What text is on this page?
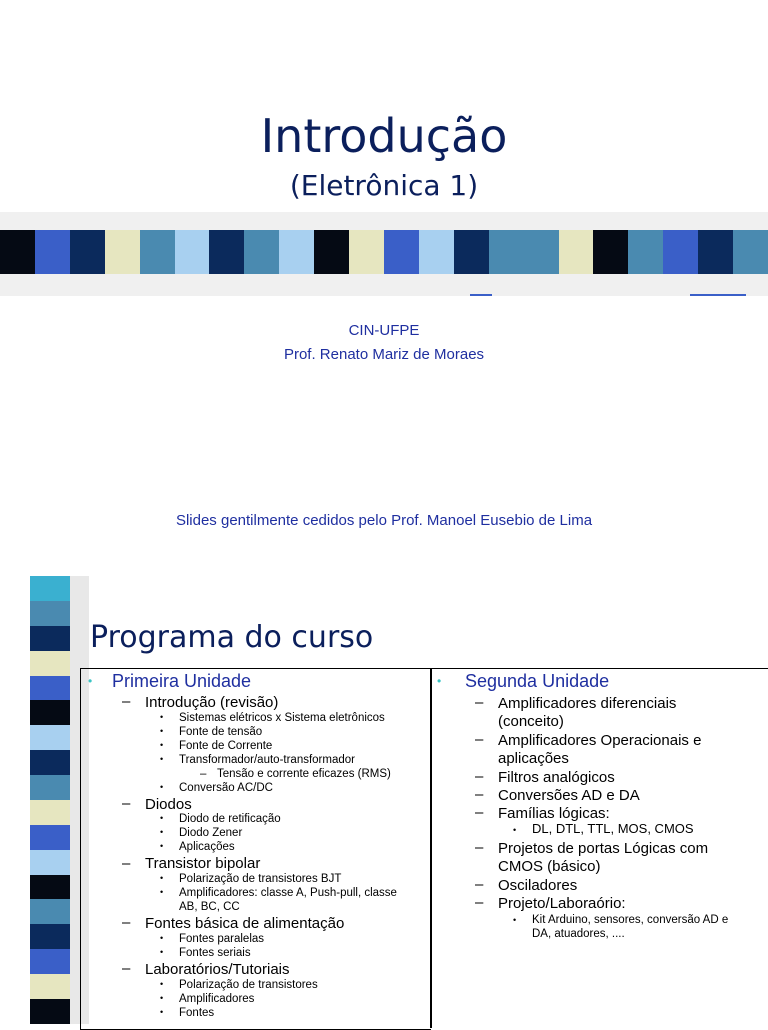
Introdução
(Eletrônica 1)
CIN-UFPE
Prof. Renato Mariz de Moraes
Slides gentilmente cedidos pelo Prof. Manoel Eusebio de Lima
Programa do curso
• Primeira Unidade
– Introdução (revisão)
• Sistemas elétricos x Sistema eletrônicos
• Fonte de tensão
• Fonte de Corrente
• Transformador/auto-transformador
– Tensão e corrente eficazes (RMS)
• Conversão AC/DC
– Diodos
• Diodo de retificação
• Diodo Zener
• Aplicações
– Transistor bipolar
• Polarização de transistores BJT
• Amplificadores: classe A, Push-pull, classe
AB, BC, CC
– Fontes básica de alimentação
• Fontes paralelas
• Fontes seriais
– Laboratórios/Tutoriais
• Polarização de transistores
• Amplificadores
• Fontes
• Segunda Unidade
– Amplificadores diferenciais
(conceito)
– Amplificadores Operacionais e
aplicações
– Filtros analógicos
– Conversões AD e DA
– Famílias lógicas:
• DL, DTL, TTL, MOS, CMOS
– Projetos de portas Lógicas com
CMOS (básico)
– Osciladores
– Projeto/Laboraório:
• Kit Arduino, sensores, conversão AD e
DA, atuadores, ....
